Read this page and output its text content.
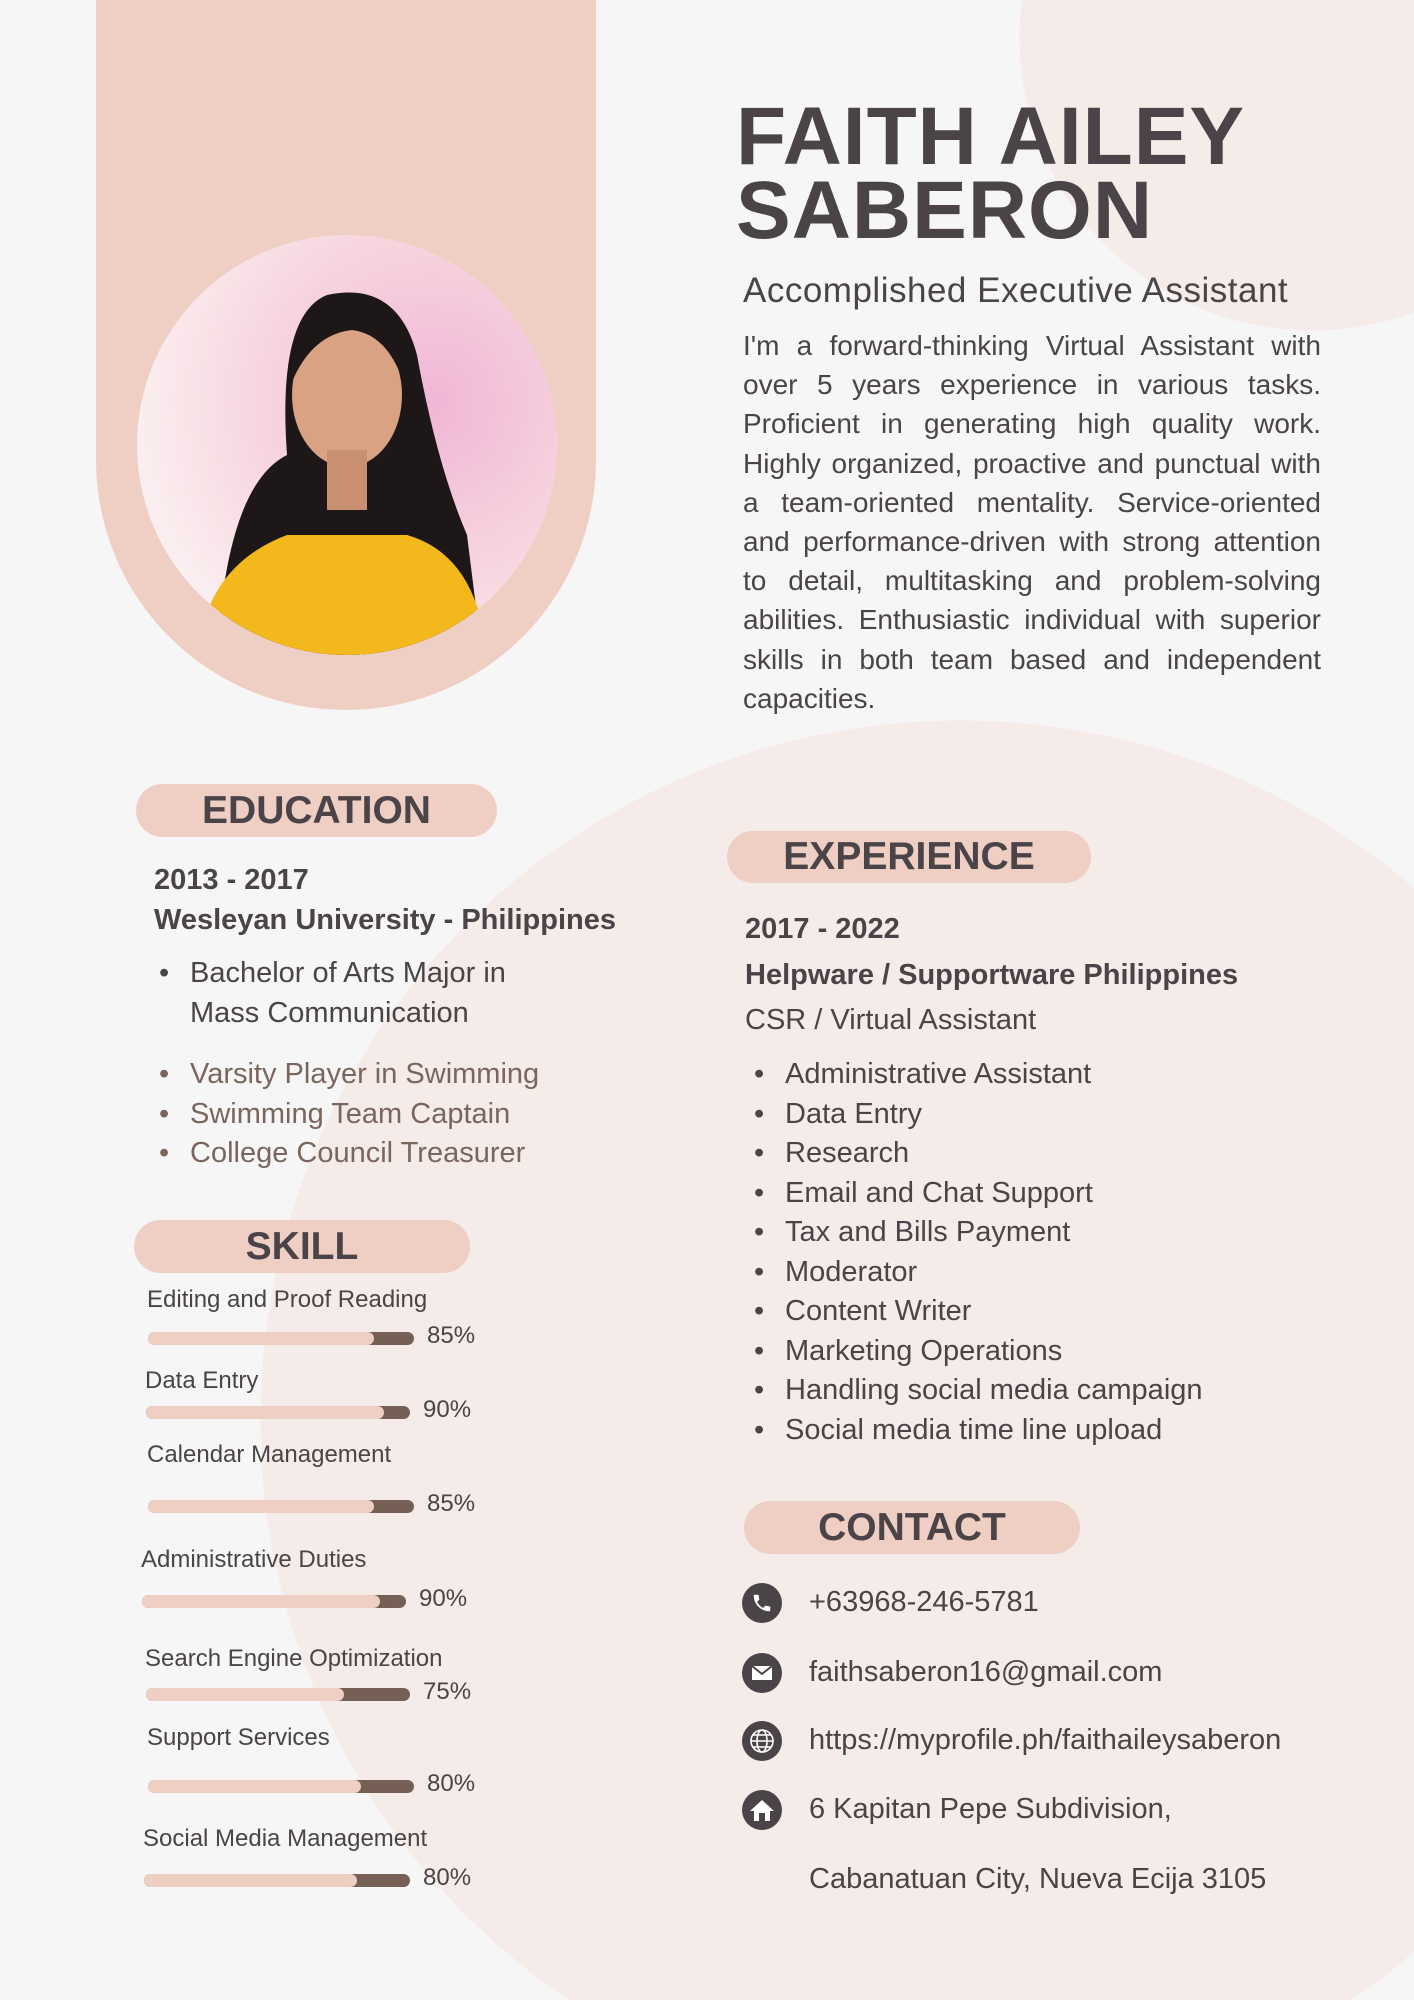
FAITH AILEY
SABERON
Accomplished Executive Assistant
I'm a forward-thinking Virtual Assistant with over 5 years experience in various tasks. Proficient in generating high quality work. Highly organized, proactive and punctual with a team-oriented mentality. Service-oriented and performance-driven with strong attention to detail, multitasking and problem-solving abilities. Enthusiastic individual with superior skills in both team based and independent capacities.
EDUCATION
2013 - 2017
Wesleyan University - Philippines
• Bachelor of Arts Major in
Mass Communication
• Varsity Player in Swimming
• Swimming Team Captain
• College Council Treasurer
SKILL
Editing and Proof Reading
85%
Data Entry
90%
Calendar Management
85%
Administrative Duties
90%
Search Engine Optimization
75%
Support Services
80%
Social Media Management
80%
EXPERIENCE
2017 - 2022
Helpware / Supportware Philippines
CSR / Virtual Assistant
• Administrative Assistant
• Data Entry
• Research
• Email and Chat Support
• Tax and Bills Payment
• Moderator
• Content Writer
• Marketing Operations
• Handling social media campaign
• Social media time line upload
CONTACT
+63968-246-5781
faithsaberon16@gmail.com
https://myprofile.ph/faithaileysaberon
6 Kapitan Pepe Subdivision,
Cabanatuan City, Nueva Ecija 3105
